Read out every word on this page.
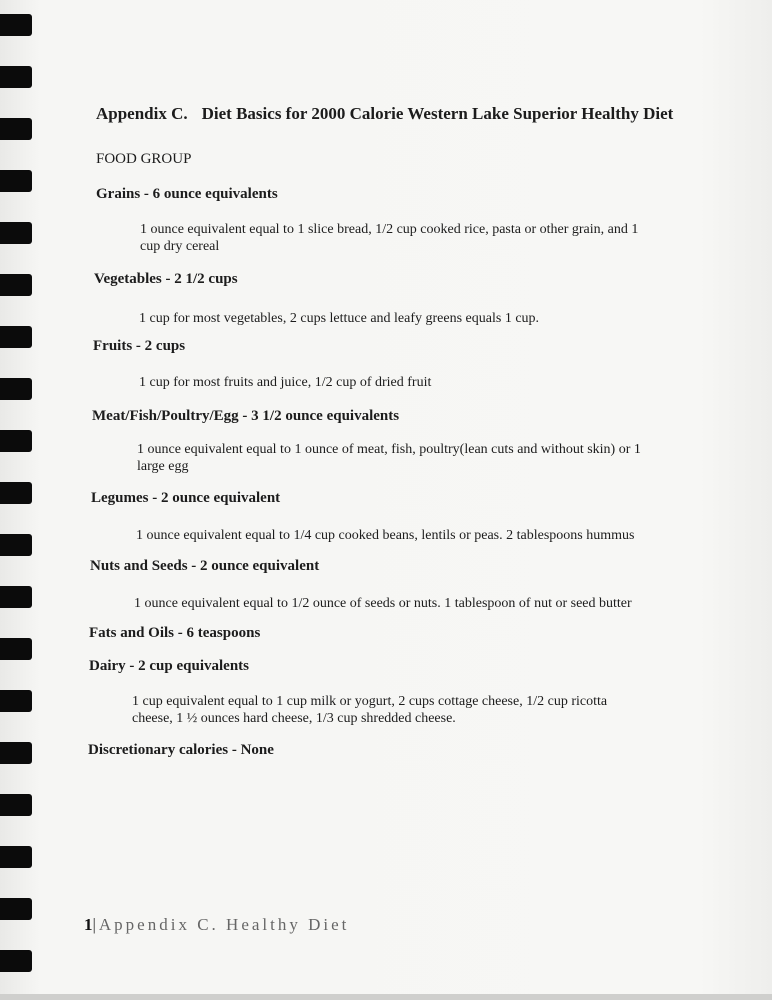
Appendix C. Diet Basics for 2000 Calorie Western Lake Superior Healthy Diet
FOOD GROUP
Grains - 6 ounce equivalents
1 ounce equivalent equal to 1 slice bread, 1/2 cup cooked rice, pasta or other grain, and 1 cup dry cereal
Vegetables - 2 1/2 cups
1 cup for most vegetables, 2 cups lettuce and leafy greens equals 1 cup.
Fruits - 2 cups
1 cup for most fruits and juice, 1/2 cup of dried fruit
Meat/Fish/Poultry/Egg - 3 1/2 ounce equivalents
1 ounce equivalent equal to 1 ounce of meat, fish, poultry(lean cuts and without skin) or 1 large egg
Legumes - 2 ounce equivalent
1 ounce equivalent equal to 1/4 cup cooked beans, lentils or peas. 2 tablespoons hummus
Nuts and Seeds - 2 ounce equivalent
1 ounce equivalent equal to 1/2 ounce of seeds or nuts. 1 tablespoon of nut or seed butter
Fats and Oils - 6 teaspoons
Dairy - 2 cup equivalents
1 cup equivalent equal to 1 cup milk or yogurt, 2 cups cottage cheese, 1/2 cup ricotta cheese, 1 ½ ounces hard cheese, 1/3 cup shredded cheese.
Discretionary calories - None
1|Appendix C. Healthy Diet
